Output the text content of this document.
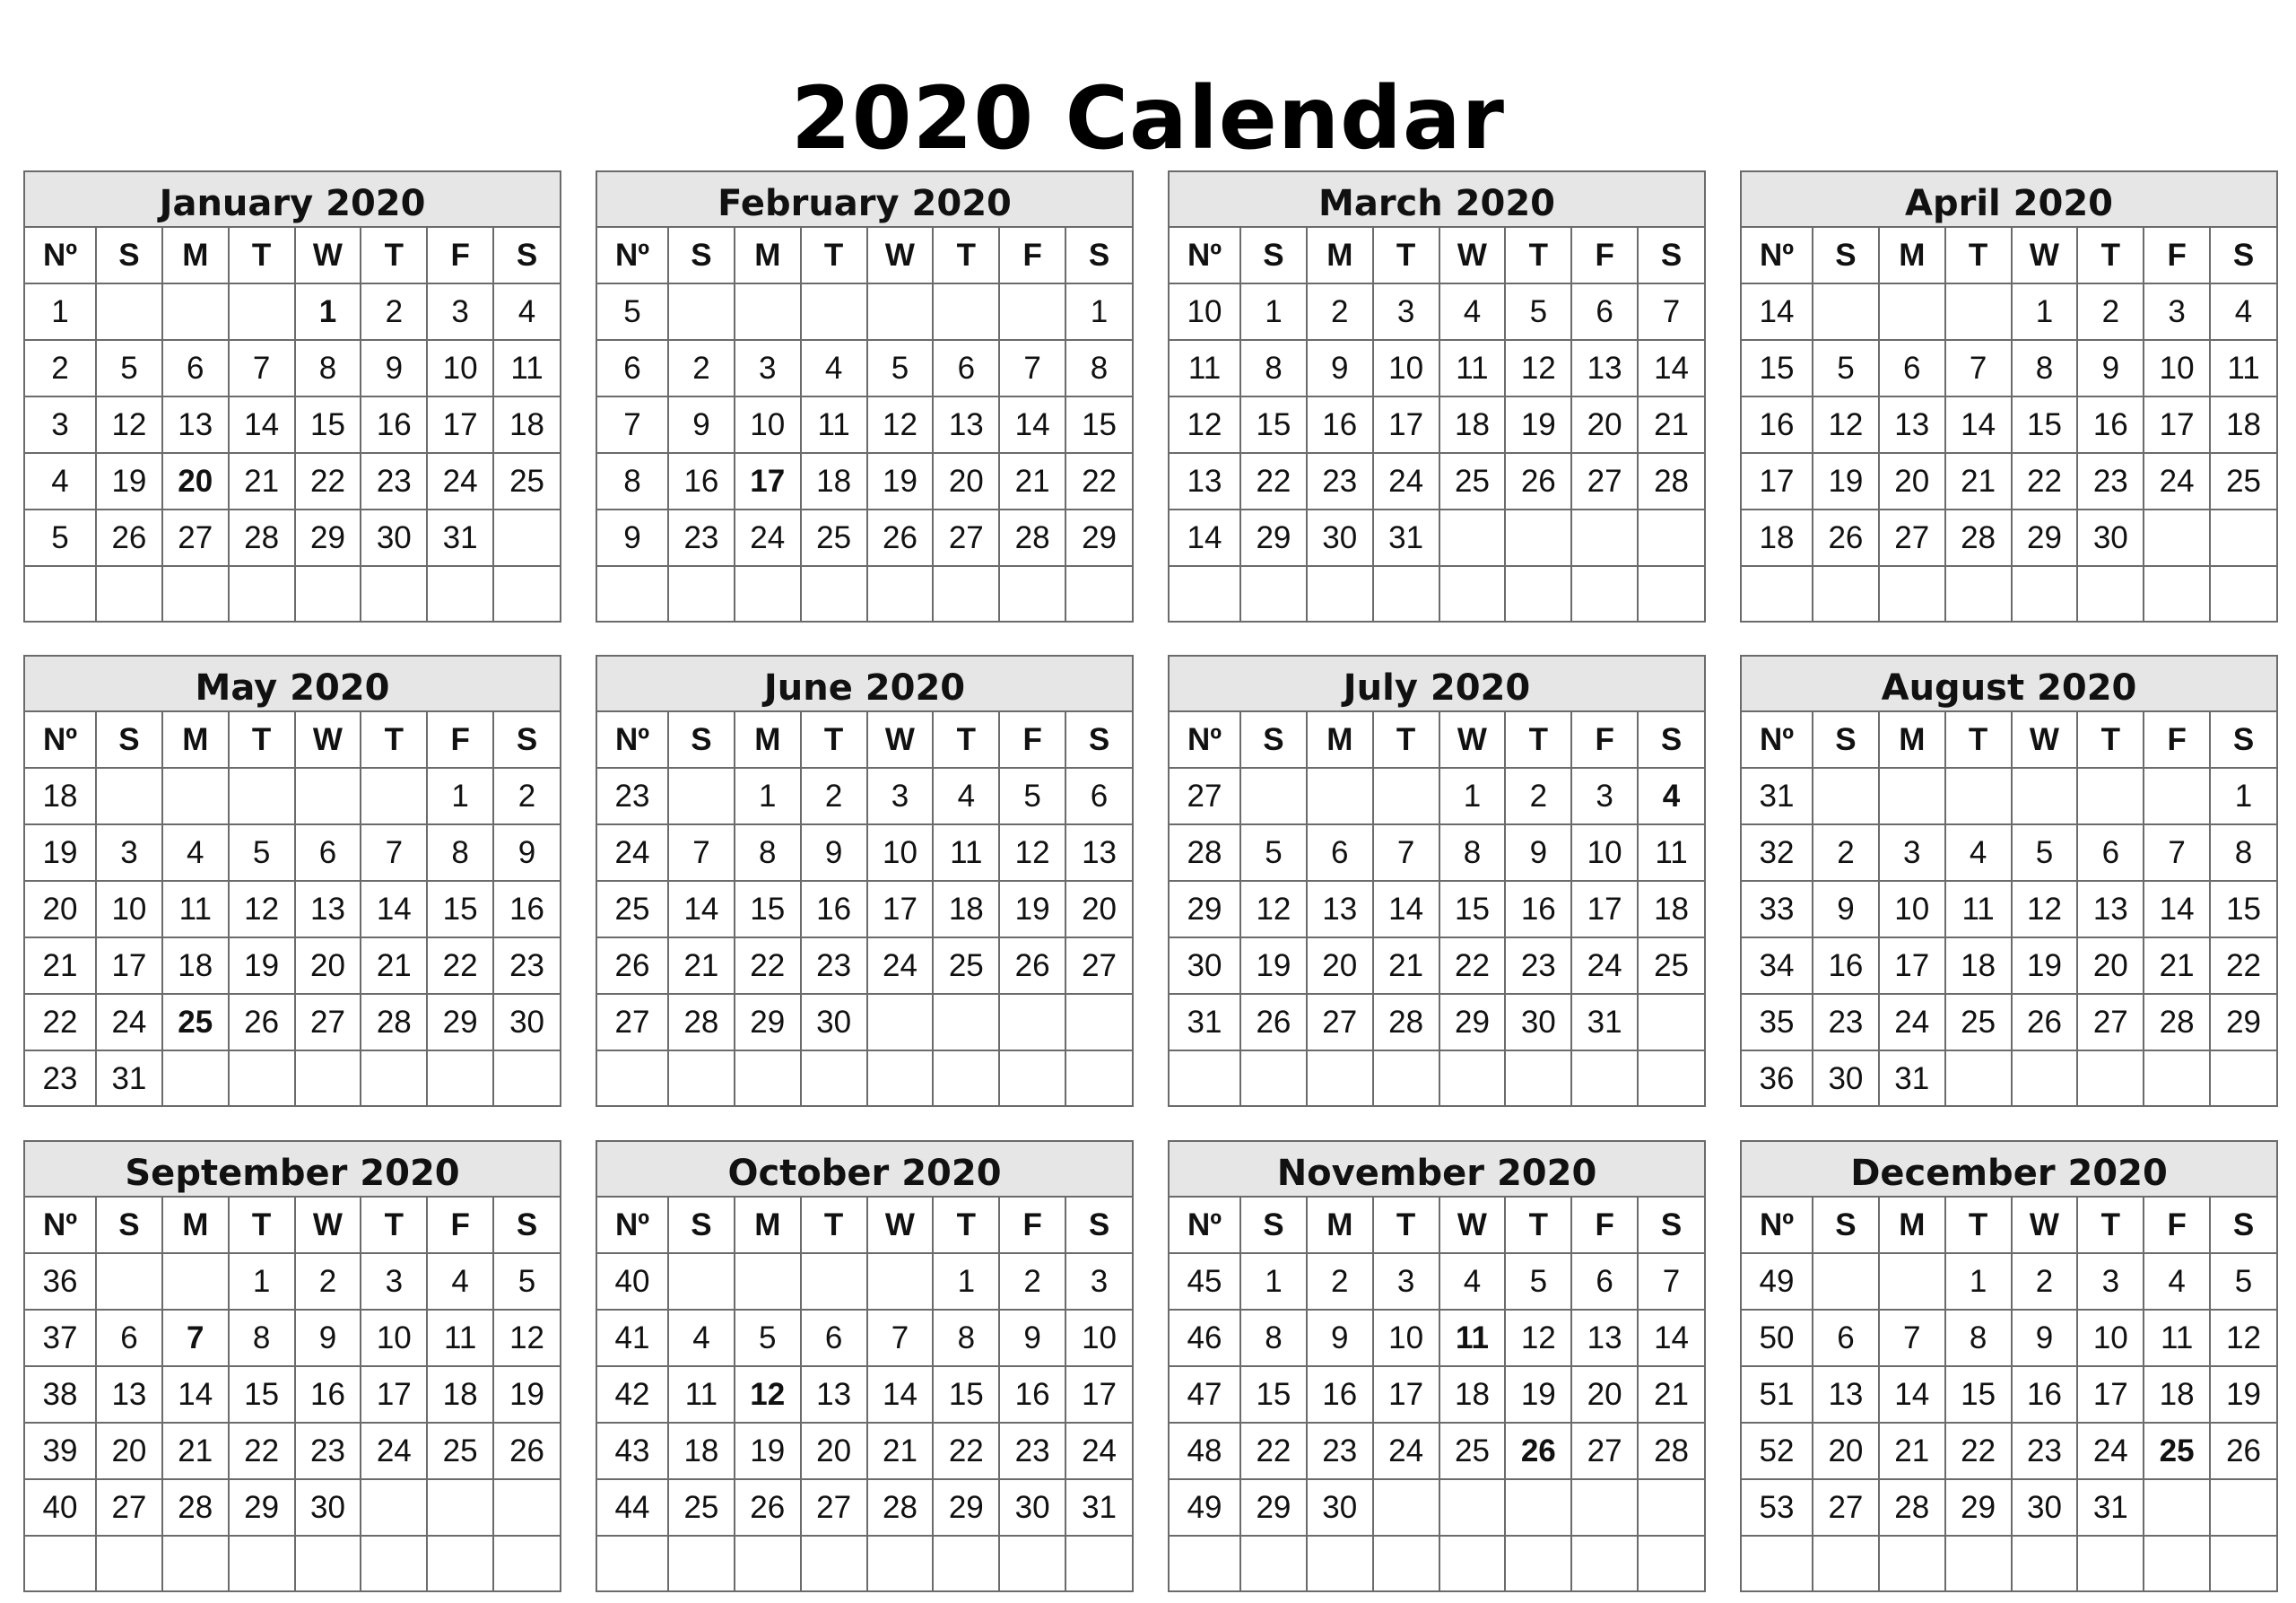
2020 Calendar
January 2020
Nº	S	M	T	W	T	F	S
1				1	2	3	4
2	5	6	7	8	9	10	11
3	12	13	14	15	16	17	18
4	19	20	21	22	23	24	25
5	26	27	28	29	30	31	

February 2020
Nº	S	M	T	W	T	F	S
5							1
6	2	3	4	5	6	7	8
7	9	10	11	12	13	14	15
8	16	17	18	19	20	21	22
9	23	24	25	26	27	28	29

March 2020
Nº	S	M	T	W	T	F	S
10	1	2	3	4	5	6	7
11	8	9	10	11	12	13	14
12	15	16	17	18	19	20	21
13	22	23	24	25	26	27	28
14	29	30	31				

April 2020
Nº	S	M	T	W	T	F	S
14				1	2	3	4
15	5	6	7	8	9	10	11
16	12	13	14	15	16	17	18
17	19	20	21	22	23	24	25
18	26	27	28	29	30		

May 2020
Nº	S	M	T	W	T	F	S
18						1	2
19	3	4	5	6	7	8	9
20	10	11	12	13	14	15	16
21	17	18	19	20	21	22	23
22	24	25	26	27	28	29	30
23	31						
June 2020
Nº	S	M	T	W	T	F	S
23		1	2	3	4	5	6
24	7	8	9	10	11	12	13
25	14	15	16	17	18	19	20
26	21	22	23	24	25	26	27
27	28	29	30				

July 2020
Nº	S	M	T	W	T	F	S
27				1	2	3	4
28	5	6	7	8	9	10	11
29	12	13	14	15	16	17	18
30	19	20	21	22	23	24	25
31	26	27	28	29	30	31	

August 2020
Nº	S	M	T	W	T	F	S
31							1
32	2	3	4	5	6	7	8
33	9	10	11	12	13	14	15
34	16	17	18	19	20	21	22
35	23	24	25	26	27	28	29
36	30	31					
September 2020
Nº	S	M	T	W	T	F	S
36			1	2	3	4	5
37	6	7	8	9	10	11	12
38	13	14	15	16	17	18	19
39	20	21	22	23	24	25	26
40	27	28	29	30			

October 2020
Nº	S	M	T	W	T	F	S
40					1	2	3
41	4	5	6	7	8	9	10
42	11	12	13	14	15	16	17
43	18	19	20	21	22	23	24
44	25	26	27	28	29	30	31

November 2020
Nº	S	M	T	W	T	F	S
45	1	2	3	4	5	6	7
46	8	9	10	11	12	13	14
47	15	16	17	18	19	20	21
48	22	23	24	25	26	27	28
49	29	30					

December 2020
Nº	S	M	T	W	T	F	S
49			1	2	3	4	5
50	6	7	8	9	10	11	12
51	13	14	15	16	17	18	19
52	20	21	22	23	24	25	26
53	27	28	29	30	31		
